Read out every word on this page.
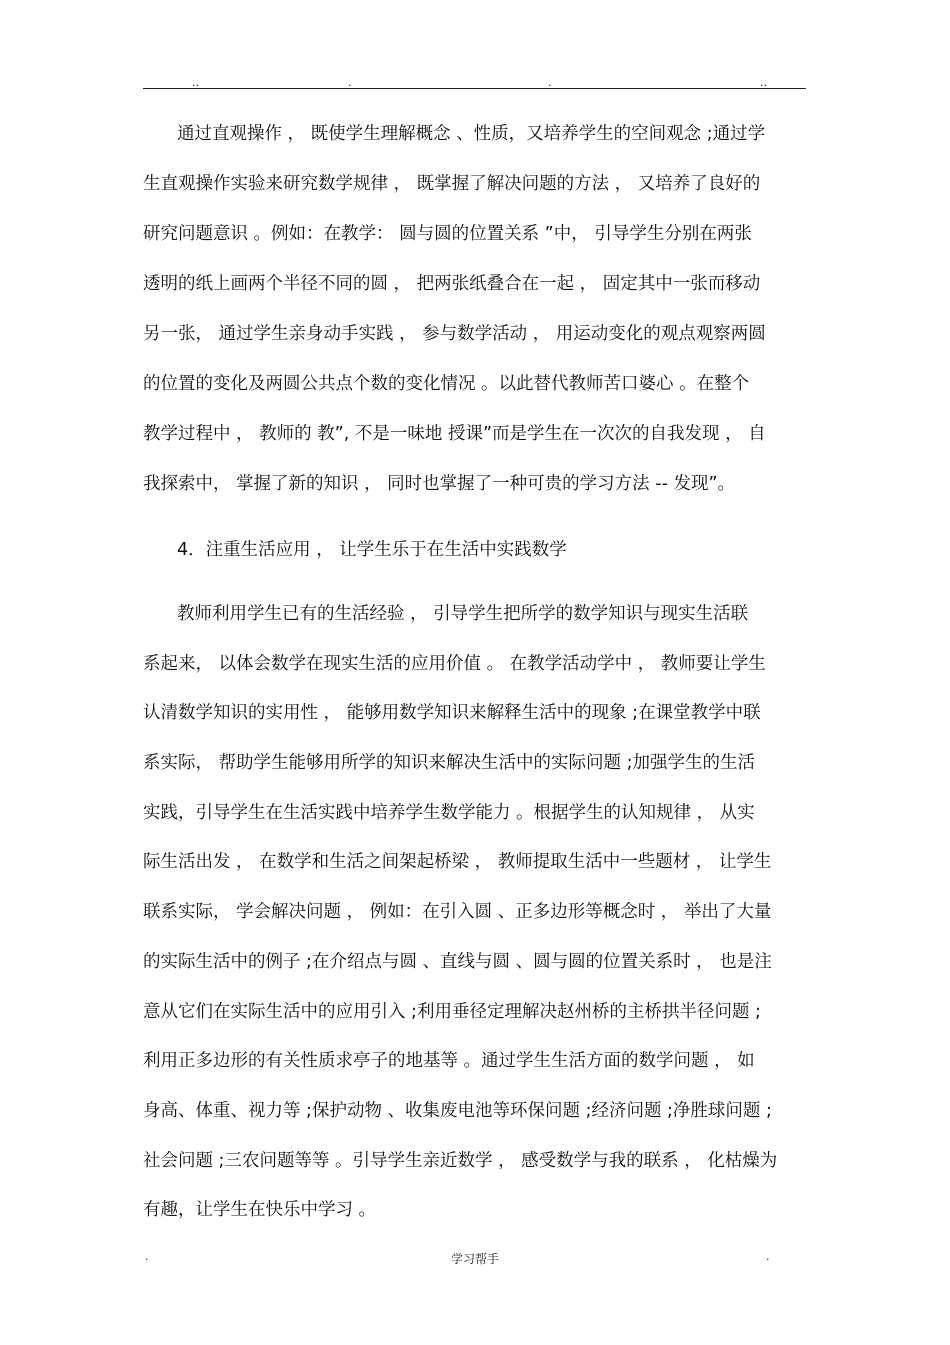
..	.	.	..
通过直观操作 ， 既使学生理解概念 、性质，又培养学生的空间观念 ;通过学
生直观操作实验来研究数学规律 ， 既掌握了解决问题的方法 ， 又培养了良好的
研究问题意识 。例如：在教学： 圆与圆的位置关系 ”中， 引导学生分别在两张
透明的纸上画两个半径不同的圆 ， 把两张纸叠合在一起 ， 固定其中一张而移动
另一张， 通过学生亲身动手实践 ， 参与数学活动 ， 用运动变化的观点观察两圆
的位置的变化及两圆公共点个数的变化情况 。以此替代教师苦口婆心 。在整个
教学过程中 ， 教师的 教”, 不是一味地 授课”而是学生在一次次的自我发现 ， 自
我探索中， 掌握了新的知识 ， 同时也掌握了一种可贵的学习方法 -- 发现”。
4．注重生活应用 ， 让学生乐于在生活中实践数学
教师利用学生已有的生活经验 ， 引导学生把所学的数学知识与现实生活联
系起来， 以体会数学在现实生活的应用价值 。 在教学活动学中 ， 教师要让学生
认清数学知识的实用性 ， 能够用数学知识来解释生活中的现象 ;在课堂教学中联
系实际， 帮助学生能够用所学的知识来解决生活中的实际问题 ;加强学生的生活
实践，引导学生在生活实践中培养学生数学能力 。根据学生的认知规律 ， 从实
际生活出发 ， 在数学和生活之间架起桥梁 ， 教师提取生活中一些题材 ， 让学生
联系实际， 学会解决问题 ， 例如：在引入圆 、正多边形等概念时 ， 举出了大量
的实际生活中的例子 ;在介绍点与圆 、直线与圆 、圆与圆的位置关系时 ， 也是注
意从它们在实际生活中的应用引入 ;利用垂径定理解决赵州桥的主桥拱半径问题 ;
利用正多边形的有关性质求亭子的地基等 。通过学生生活方面的数学问题 ， 如
身高、体重、视力等 ;保护动物 、收集废电池等环保问题 ;经济问题 ;净胜球问题 ;
社会问题 ;三农问题等等 。引导学生亲近数学 ， 感受数学与我的联系 ， 化枯燥为
有趣，让学生在快乐中学习 。
.	学习帮手	.
